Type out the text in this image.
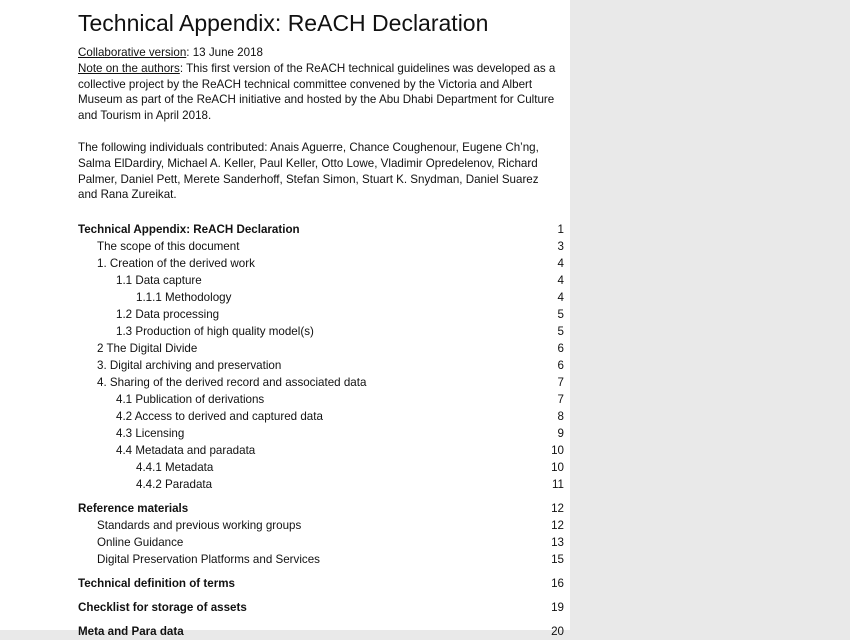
Technical Appendix: ReACH Declaration

Collaborative version: 13 June 2018

Note on the authors: This first version of the ReACH technical guidelines was developed as a collective project by the ReACH technical committee convened by the Victoria and Albert Museum as part of the ReACH initiative and hosted by the Abu Dhabi Department for Culture and Tourism in April 2018.

The following individuals contributed: Anais Aguerre, Chance Coughenour, Eugene Ch’ng, Salma ElDardiry, Michael A. Keller, Paul Keller, Otto Lowe, Vladimir Opredelenov, Richard Palmer, Daniel Pett, Merete Sanderhoff, Stefan Simon, Stuart K. Snydman, Daniel Suarez and Rana Zureikat.

Technical Appendix: ReACH Declaration	1
The scope of this document	3
1. Creation of the derived work	4
1.1 Data capture	4
1.1.1 Methodology	4
1.2 Data processing	5
1.3 Production of high quality model(s)	5
2 The Digital Divide	6
3. Digital archiving and preservation	6
4. Sharing of the derived record and associated data	7
4.1 Publication of derivations	7
4.2 Access to derived and captured data	8
4.3 Licensing	9
4.4 Metadata and paradata	10
4.4.1 Metadata	10
4.4.2 Paradata	11
Reference materials	12
Standards and previous working groups	12
Online Guidance	13
Digital Preservation Platforms and Services	15
Technical definition of terms	16
Checklist for storage of assets	19
Meta and Para data	20
